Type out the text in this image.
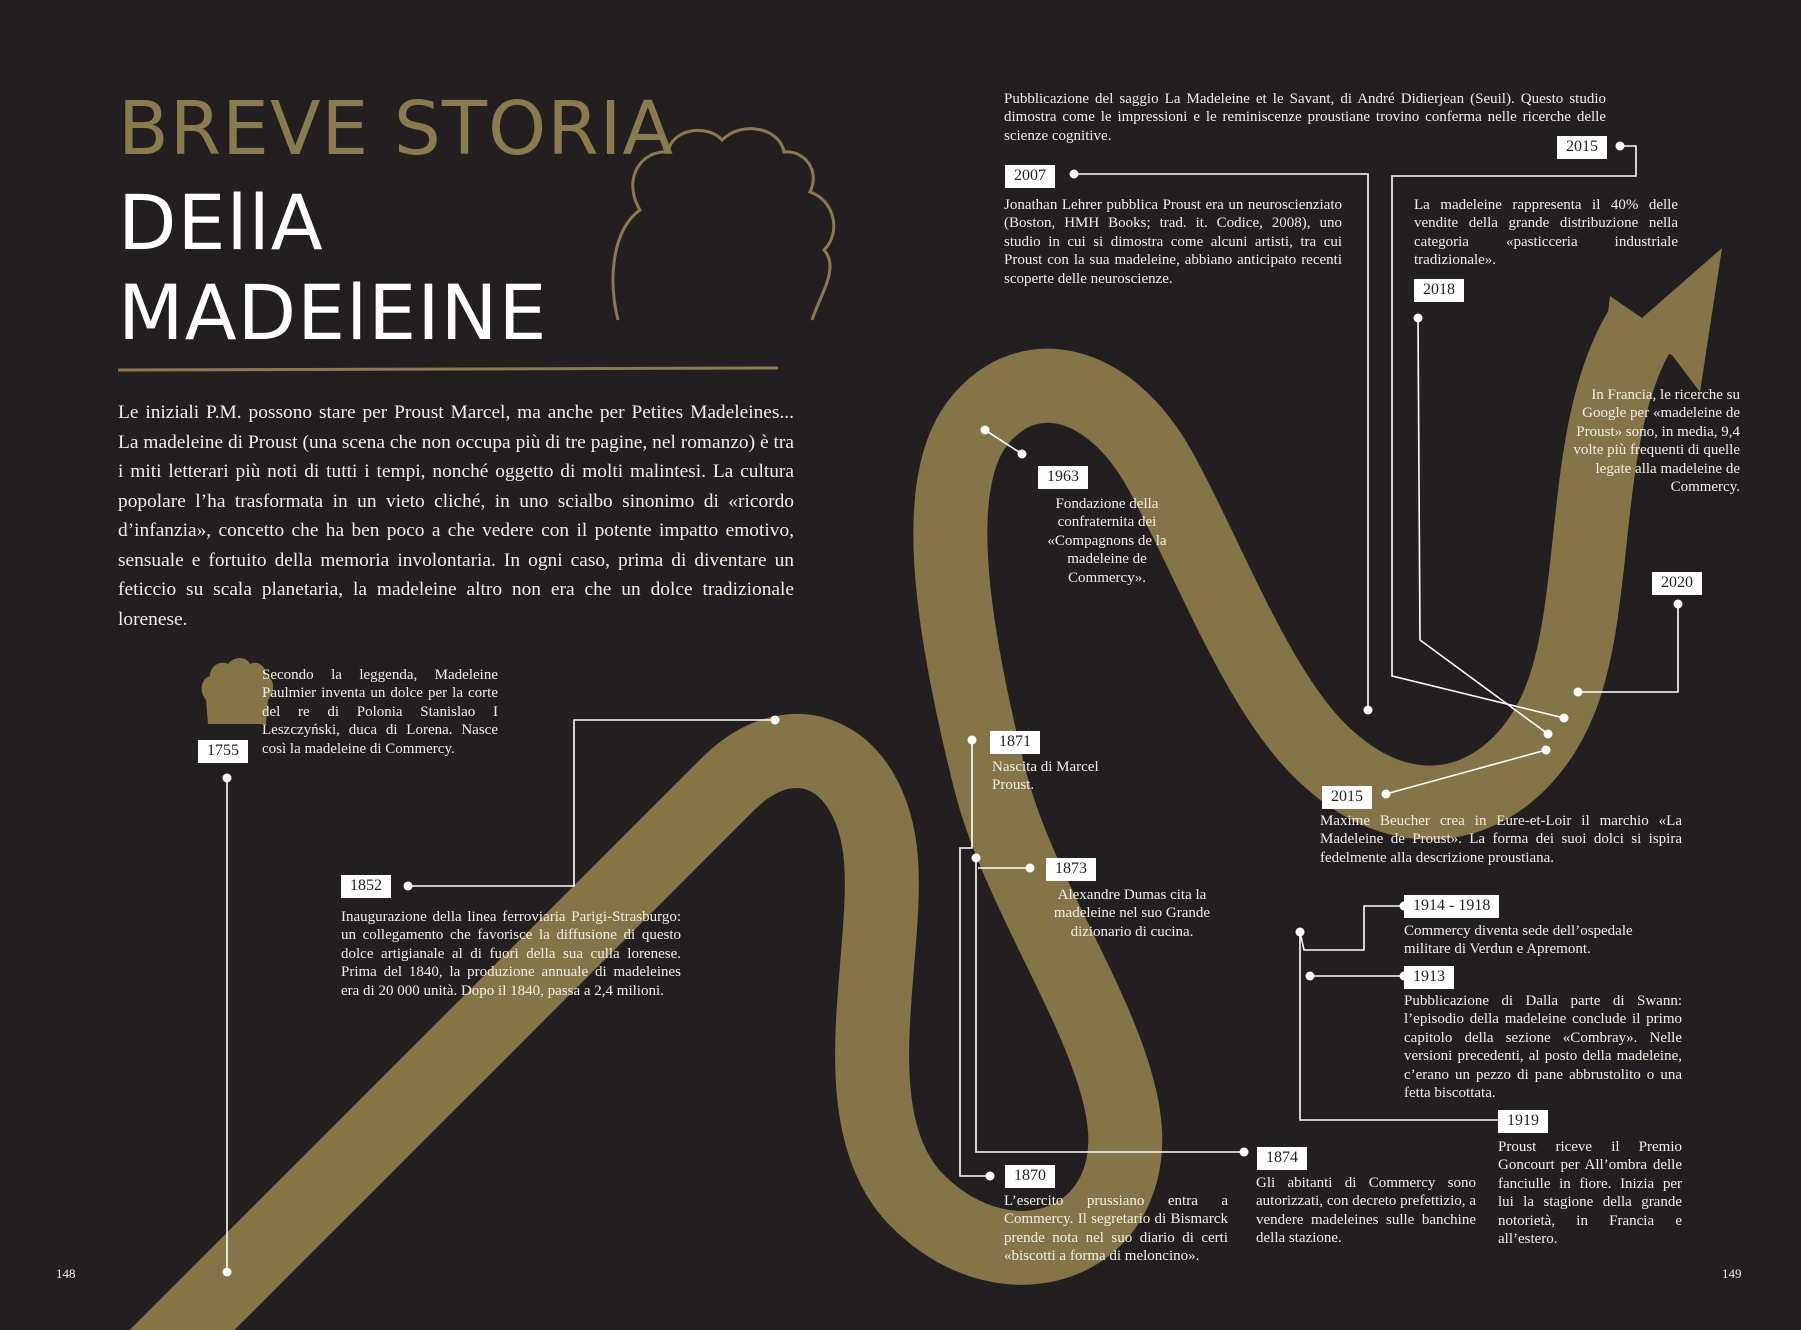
BREVE STORIA
DEllA
MADElEINE

Le iniziali P.M. possono stare per Proust Marcel, ma anche per Petites Madeleines... La madeleine di Proust (una scena che non occupa più di tre pagine, nel romanzo) è tra i miti letterari più noti di tutti i tempi, nonché oggetto di molti malintesi. La cultura popolare l’ha trasformata in un vieto cliché, in uno scialbo sinonimo di «ricordo d’infanzia», concetto che ha ben poco a che vedere con il potente impatto emotivo, sensuale e fortuito della memoria involontaria. In ogni caso, prima di diventare un feticcio su scala planetaria, la madeleine altro non era che un dolce tradizionale lorenese.

1755

Secondo la leggenda, Madeleine Paulmier inventa un dolce per la corte del re di Polonia Stanislao I Leszczyński, duca di Lorena. Nasce così la madeleine di Commercy.

1852

Inaugurazione della linea ferroviaria Parigi-Strasburgo: un collegamento che favorisce la diffusione di questo dolce artigianale al di fuori della sua culla lorenese. Prima del 1840, la produzione annuale di madeleines era di 20 000 unità. Dopo il 1840, passa a 2,4 milioni.

1871

Nascita di Marcel Proust.

1873

Alexandre Dumas cita la madeleine nel suo Grande dizionario di cucina.

1870

L’esercito prussiano entra a Commercy. Il segretario di Bismarck prende nota nel suo diario di certi «biscotti a forma di meloncino».

1874

Gli abitanti di Commercy sono autorizzati, con decreto prefettizio, a vendere madeleines sulle banchine della stazione.

1963

Fondazione della confraternita dei «Compagnons de la madeleine de Commercy».

2007

Jonathan Lehrer pubblica Proust era un neuroscienziato (Boston, HMH Books; trad. it. Codice, 2008), uno studio in cui si dimostra come alcuni artisti, tra cui Proust con la sua madeleine, abbiano anticipato recenti scoperte delle neuroscienze.

Pubblicazione del saggio La Madeleine et le Savant, di André Didierjean (Seuil). Questo studio dimostra come le impressioni e le reminiscenze proustiane trovino conferma nelle ricerche delle scienze cognitive.

2015

La madeleine rappresenta il 40% delle vendite della grande distribuzione nella categoria «pasticceria industriale tradizionale».

2018

In Francia, le ricerche su Google per «madeleine de Proust» sono, in media, 9,4 volte più frequenti di quelle legate alla madeleine de Commercy.

2020
2015

Maxime Beucher crea in Eure-et-Loir il marchio «La Madeleine de Proust». La forma dei suoi dolci si ispira fedelmente alla descrizione proustiana.

1914 - 1918

Commercy diventa sede dell’ospedale militare di Verdun e Apremont.

1913

Pubblicazione di Dalla parte di Swann: l’episodio della madeleine conclude il primo capitolo della sezione «Combray». Nelle versioni precedenti, al posto della madeleine, c’erano un pezzo di pane abbrustolito o una fetta biscottata.

1919

Proust riceve il Premio Goncourt per All’ombra delle fanciulle in fiore. Inizia per lui la stagione della grande notorietà, in Francia e all’estero.

148	149
